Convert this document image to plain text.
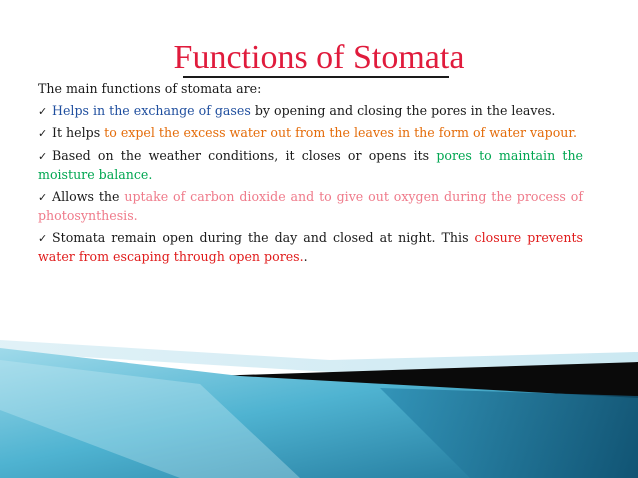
Functions of Stomata

The main functions of stomata are:

✓ Helps in the exchange of gases by opening and closing the pores in the leaves.

✓ It helps to expel the excess water out from the leaves in the form of water vapour.

✓ Based on the weather conditions, it closes or opens its pores to maintain the moisture balance.

✓ Allows the uptake of carbon dioxide and to give out oxygen during the process of photosynthesis.

✓ Stomata remain open during the day and closed at night. This closure prevents water from escaping through open pores..
